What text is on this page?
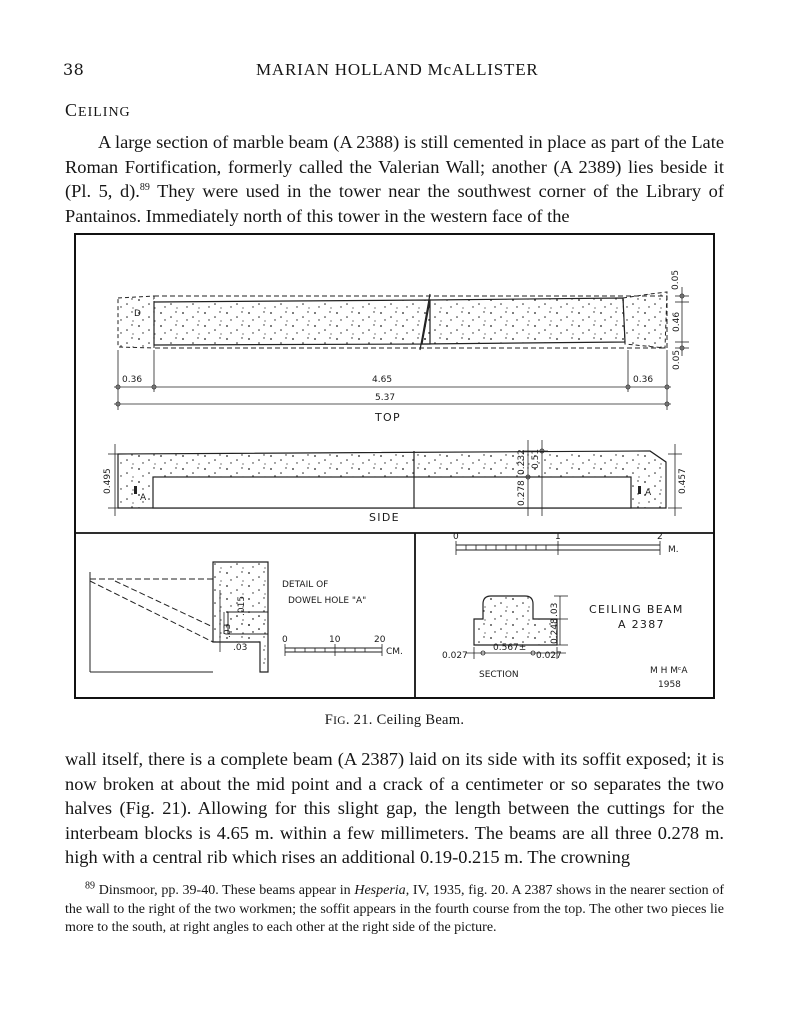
38	MARIAN HOLLAND McALLISTER
CEILING

A large section of marble beam (A 2388) is still cemented in place as part of the Late Roman Fortification, formerly called the Valerian Wall; another (A 2389) lies beside it (Pl. 5, d).$^{89}$ They were used in the tower near the southwest corner of the Library of Pantainos. Immediately north of this tower in the western face of the

D
0.05
0.46
0.05
0.36	4.65	0.36
5.37
TOP
A	A
0.495	0.457
0.232 0.51
0.278
SIDE
.015
.03
.03
DETAIL OF
DOWEL HOLE "A"
0	10	20
CM.
0	1	2
M.
.03
0.248
0.027
0.567±
0.027
SECTION
CEILING BEAM
A 2387
M H MᶜA
1958
FIG. 21. Ceiling Beam.

wall itself, there is a complete beam (A 2387) laid on its side with its soffit exposed; it is now broken at about the mid point and a crack of a centimeter or so separates the two halves (Fig. 21). Allowing for this slight gap, the length between the cuttings for the interbeam blocks is 4.65 m. within a few millimeters. The beams are all three 0.278 m. high with a central rib which rises an additional 0.19-0.215 m. The crowning

$^{89}$ Dinsmoor, pp. 39-40. These beams appear in Hesperia, IV, 1935, fig. 20. A 2387 shows in the nearer section of the wall to the right of the two workmen; the soffit appears in the fourth course from the top. The other two pieces lie more to the south, at right angles to each other at the right side of the picture.
